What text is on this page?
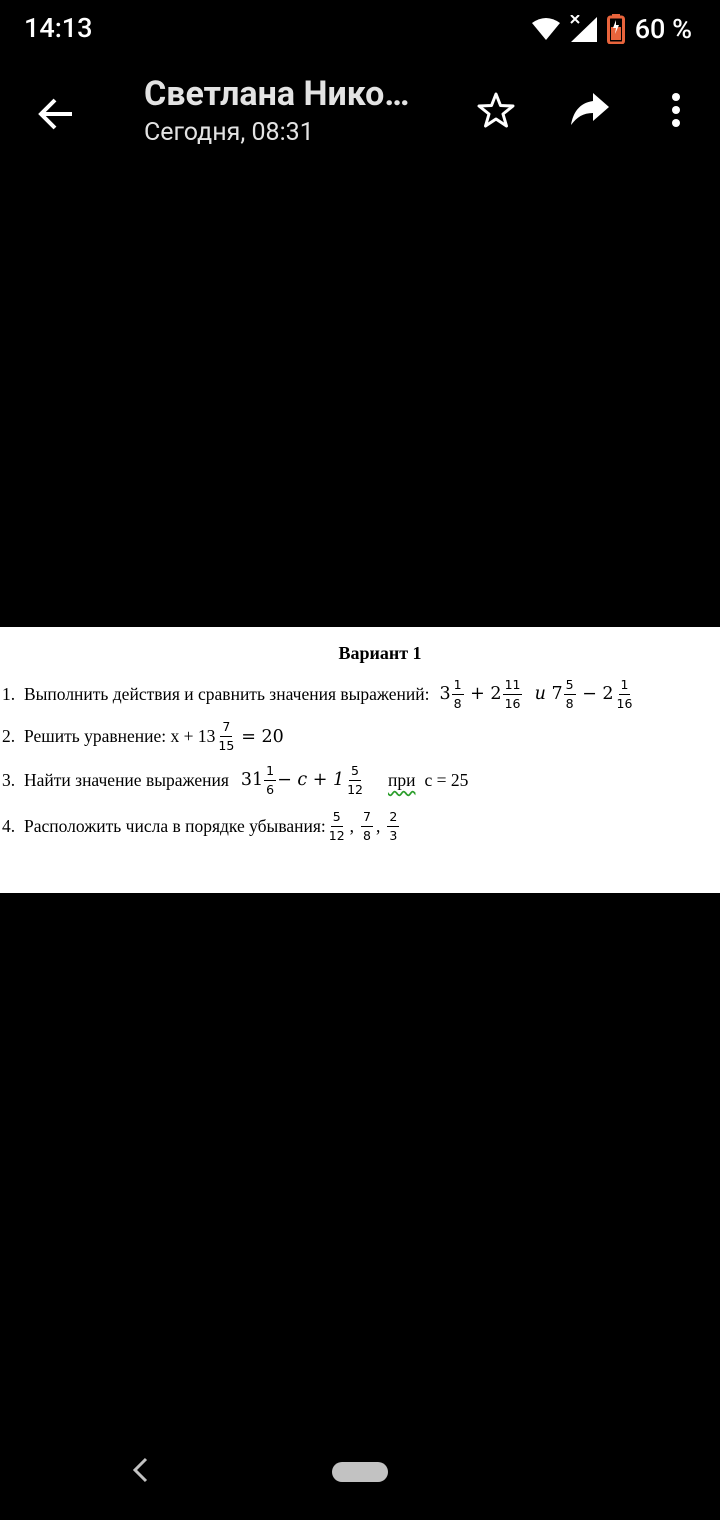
14:13	60 %
Светлана Нико…
Сегодня, 08:31
Вариант 1
1. Выполнить действия и сравнить значения выражений: $3 \frac{1}{8} + 2 \frac{11}{16}$ и $7 \frac{5}{8} - 2 \frac{1}{16}$
2. Решить уравнение: $x + 13 \frac{7}{15} = 20$
3. Найти значение выражения $31 \frac{1}{6} - c + 1 \frac{5}{12}$ при с = 25
4. Расположить числа в порядке убывания: $\frac{5}{12}$ , $\frac{7}{8}$ , $\frac{2}{3}$
